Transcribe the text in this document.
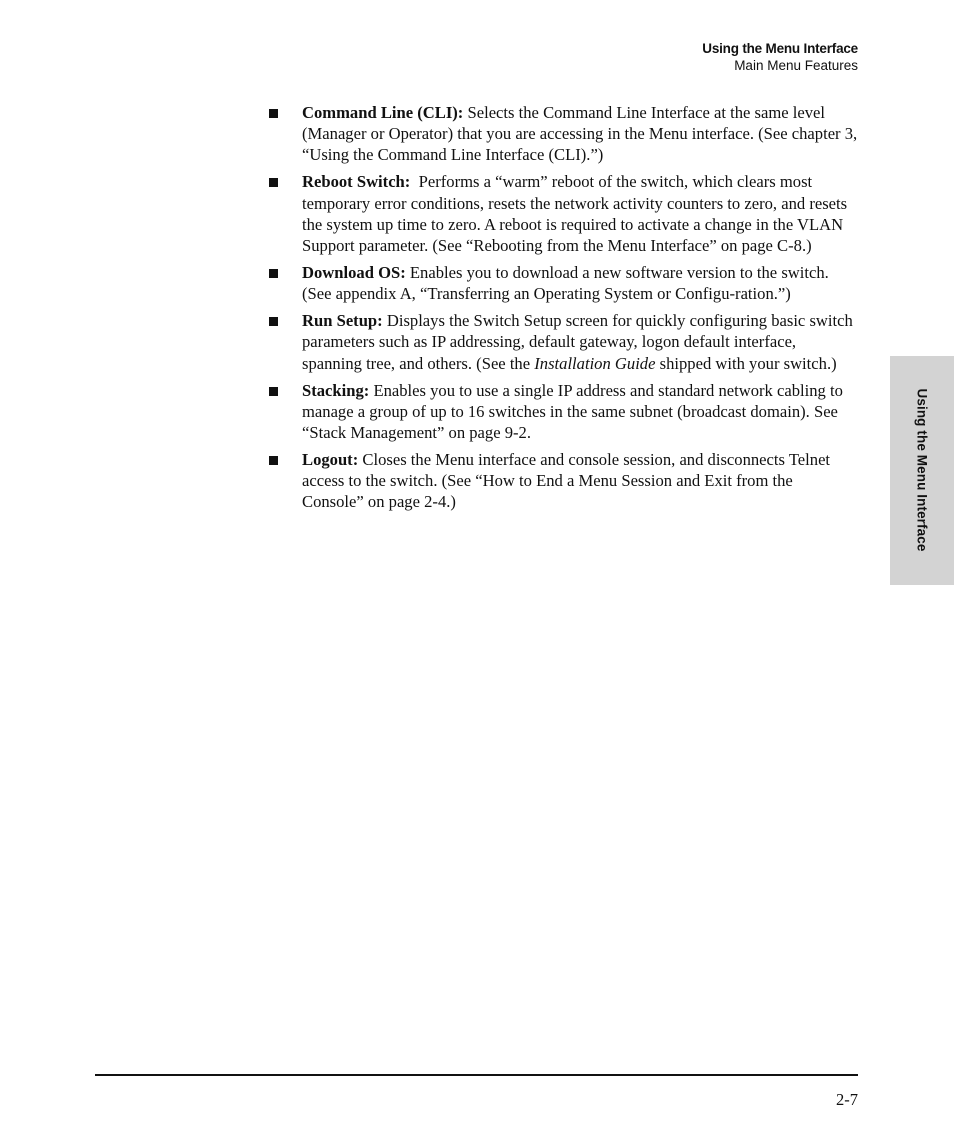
Using the Menu Interface
Main Menu Features
Command Line (CLI): Selects the Command Line Interface at the same level (Manager or Operator) that you are accessing in the Menu interface. (See chapter 3, “Using the Command Line Interface (CLI).”)
Reboot Switch:  Performs a “warm” reboot of the switch, which clears most temporary error conditions, resets the network activity counters to zero, and resets the system up time to zero. A reboot is required to activate a change in the VLAN Support parameter. (See “Rebooting from the Menu Interface” on page C-8.)
Download OS: Enables you to download a new software version to the switch. (See appendix A, “Transferring an Operating System or Configu-ration.”)
Run Setup: Displays the Switch Setup screen for quickly configuring basic switch parameters such as IP addressing, default gateway, logon default interface, spanning tree, and others. (See the Installation Guide shipped with your switch.)
Stacking: Enables you to use a single IP address and standard network cabling to manage a group of up to 16 switches in the same subnet (broadcast domain). See “Stack Management” on page 9-2.
Logout: Closes the Menu interface and console session, and disconnects Telnet access to the switch. (See “How to End a Menu Session and Exit from the Console” on page 2-4.)	Using the Menu Interface
2-7
